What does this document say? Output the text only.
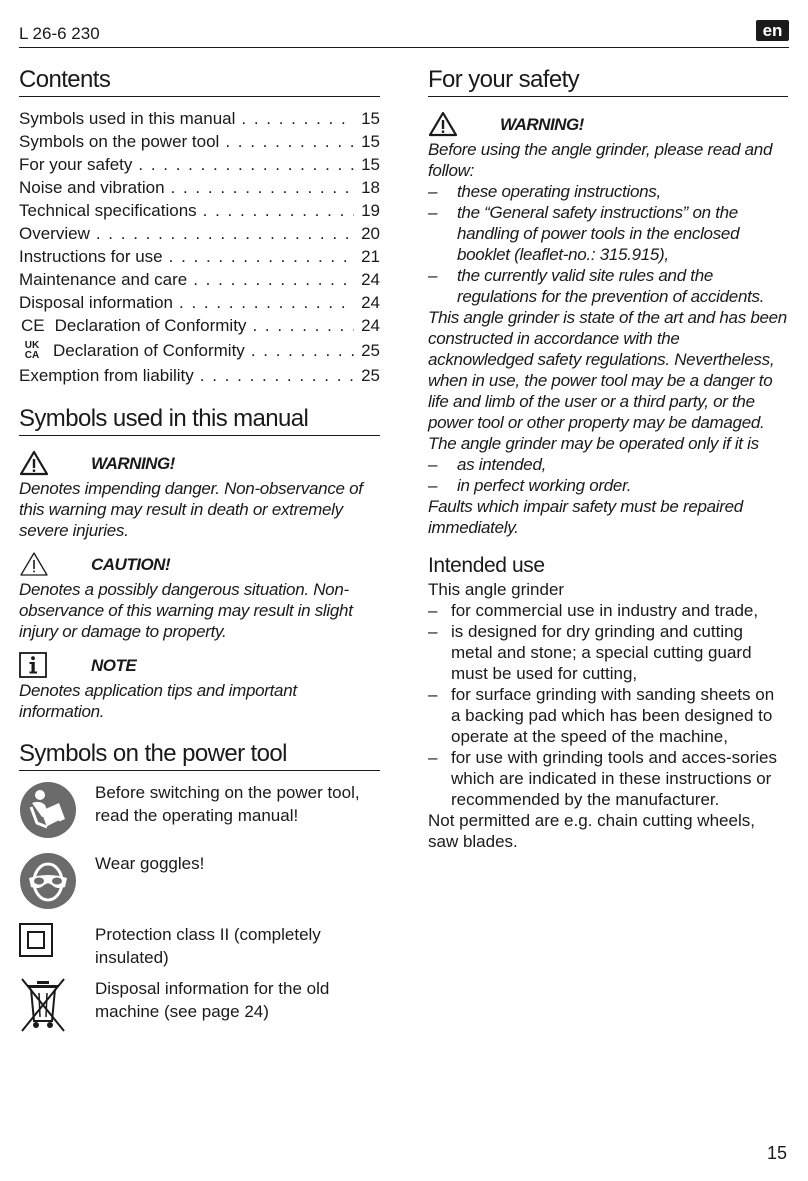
L 26-6 230	en
Contents
Symbols used in this manual . . .	15
Symbols on the power tool . . .	15
For your safety . . .	15
Noise and vibration . . .	18
Technical specifications . . .	19
Overview . . .	20
Instructions for use . . .	21
Maintenance and care . . .	24
Disposal information . . .	24
CE Declaration of Conformity . . .	24
UK
CA Declaration of Conformity . . .	25
Exemption from liability . . .	25
Symbols used in this manual
WARNING!
Denotes impending danger. Non-observance of this warning may result in death or extremely severe injuries.
CAUTION!
Denotes a possibly dangerous situation. Non-observance of this warning may result in slight injury or damage to property.
NOTE
Denotes application tips and important information.
Symbols on the power tool
Before switching on the power tool, read the operating manual!
Wear goggles!
Protection class II (completely insulated)
Disposal information for the old machine (see page 24)
For your safety
WARNING!
Before using the angle grinder, please read and follow:
–	these operating instructions,
–	the “General safety instructions” on the handling of power tools in the enclosed booklet (leaflet-no.: 315.915),
–	the currently valid site rules and the regulations for the prevention of accidents.
This angle grinder is state of the art and has been constructed in accordance with the acknowledged safety regulations. Nevertheless, when in use, the power tool may be a danger to life and limb of the user or a third party, or the power tool or other property may be damaged. The angle grinder may be operated only if it is
–	as intended,
–	in perfect working order.
Faults which impair safety must be repaired immediately.
Intended use
This angle grinder
– for commercial use in industry and trade,
– is designed for dry grinding and cutting metal and stone; a special cutting guard must be used for cutting,
– for surface grinding with sanding sheets on a backing pad which has been designed to operate at the speed of the machine,
– for use with grinding tools and acces-sories which are indicated in these instructions or recommended by the manufacturer.
Not permitted are e.g. chain cutting wheels, saw blades.
15
